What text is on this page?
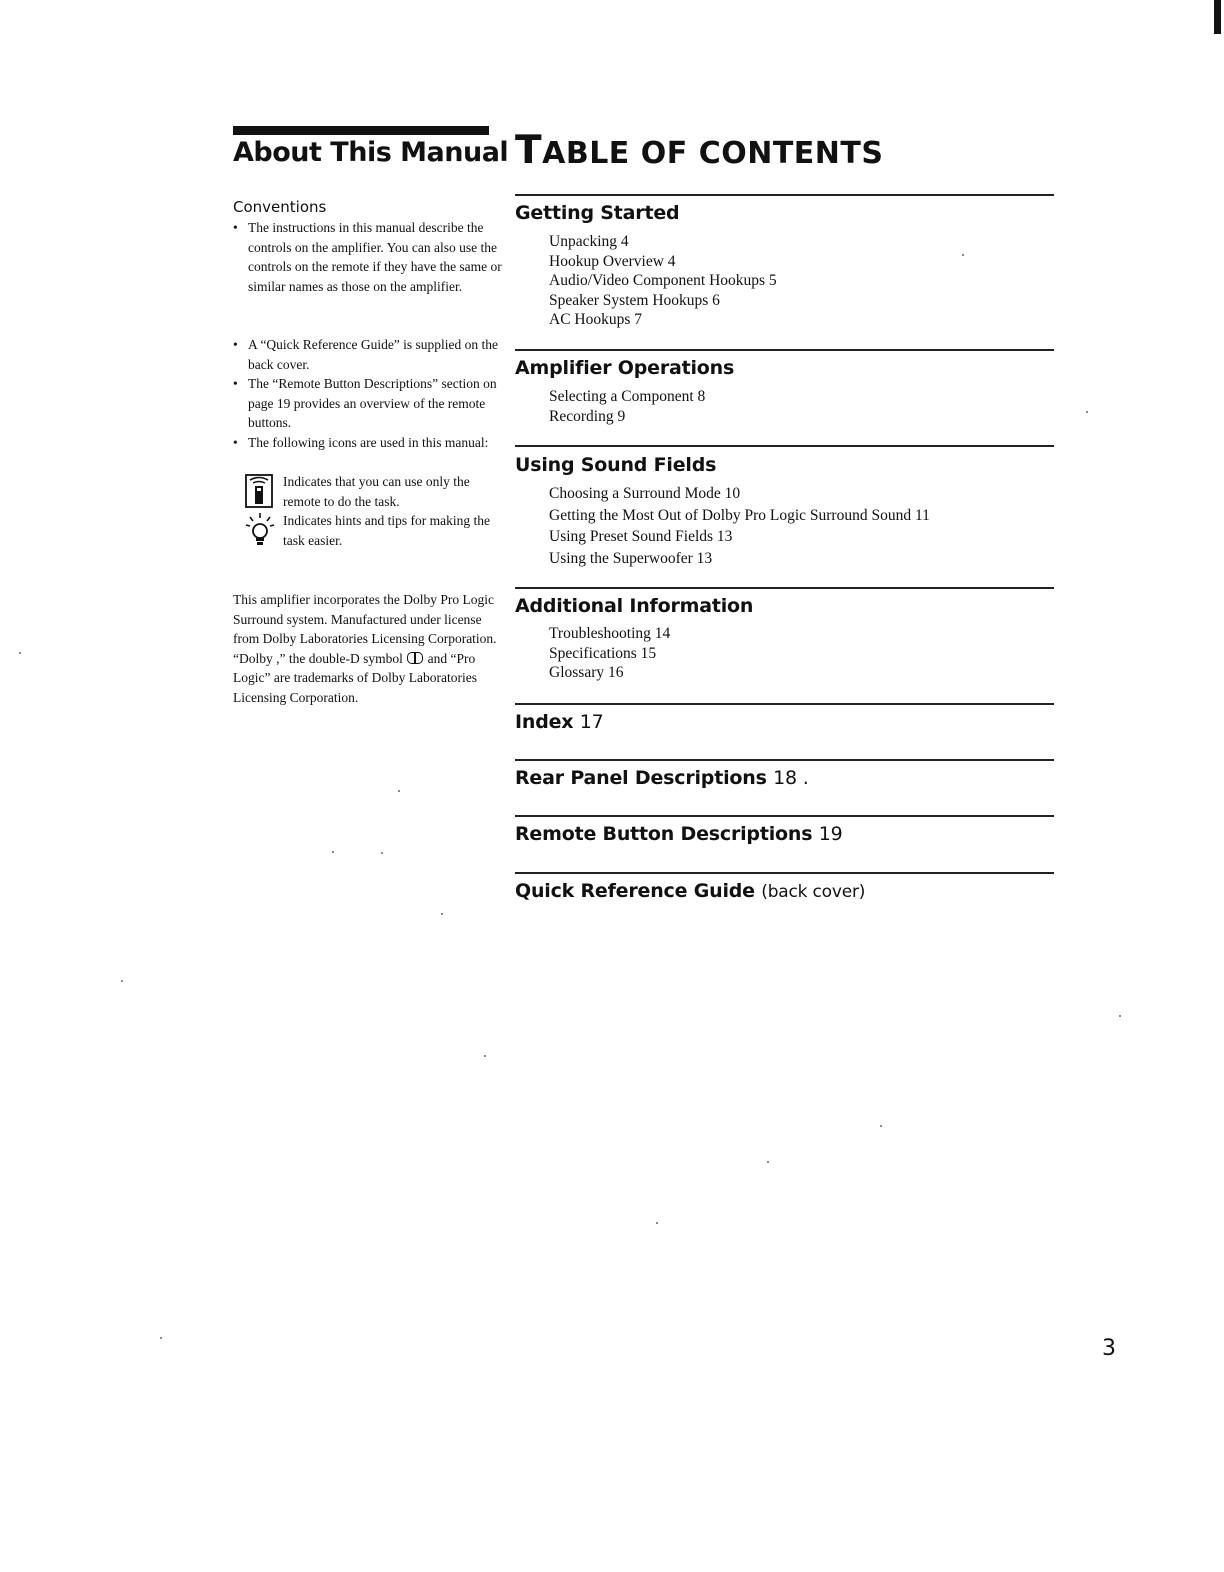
About This Manual
Conventions
• The instructions in this manual describe the controls on the amplifier. You can also use the controls on the remote if they have the same or similar names as those on the amplifier.
• A “Quick Reference Guide” is supplied on the back cover.
• The “Remote Button Descriptions” section on page 19 provides an overview of the remote buttons.
• The following icons are used in this manual:
Indicates that you can use only the remote to do the task.
Indicates hints and tips for making the task easier.
This amplifier incorporates the Dolby Pro Logic Surround system. Manufactured under license from Dolby Laboratories Licensing Corporation. “Dolby ,” the double-D symbol and “Pro Logic” are trademarks of Dolby Laboratories Licensing Corporation.
TABLE OF CONTENTS
Getting Started
Unpacking 4
Hookup Overview 4
Audio/Video Component Hookups 5
Speaker System Hookups 6
AC Hookups 7
Amplifier Operations
Selecting a Component 8
Recording 9
Using Sound Fields
Choosing a Surround Mode 10
Getting the Most Out of Dolby Pro Logic Surround Sound 11
Using Preset Sound Fields 13
Using the Superwoofer 13
Additional Information
Troubleshooting 14
Specifications 15
Glossary 16
Index 17
Rear Panel Descriptions 18 .
Remote Button Descriptions 19
Quick Reference Guide (back cover)
3
